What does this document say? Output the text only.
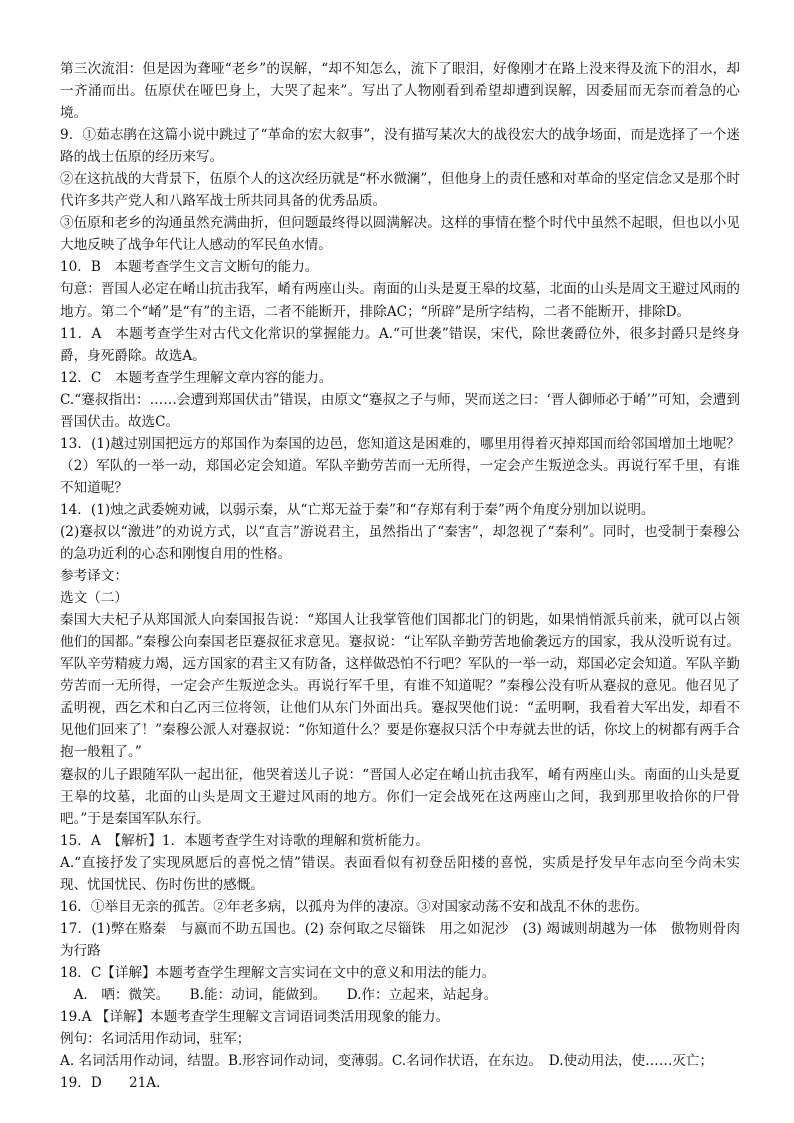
第三次流泪：但是因为聋哑“老乡”的误解，“却不知怎么，流下了眼泪，好像刚才在路上没来得及流下的泪水，却一齐涌而出。伍原伏在哑巴身上，大哭了起来”。写出了人物刚看到希望却遭到误解，因委屈而无奈而着急的心境。

9．①茹志鹃在这篇小说中跳过了“革命的宏大叙事”，没有描写某次大的战役宏大的战争场面，而是选择了一个迷路的战士伍原的经历来写。

②在这抗战的大背景下，伍原个人的这次经历就是“杯水微澜”，但他身上的责任感和对革命的坚定信念又是那个时代许多共产党人和八路军战士所共同具备的优秀品质。

③伍原和老乡的沟通虽然充满曲折，但问题最终得以圆满解决。这样的事情在整个时代中虽然不起眼，但也以小见大地反映了战争年代让人感动的军民鱼水情。

10．B　本题考查学生文言文断句的能力。

句意：晋国人必定在崤山抗击我军，崤有两座山头。南面的山头是夏王皋的坟墓，北面的山头是周文王避过风雨的地方。第二个“崤”是“有”的主语，二者不能断开，排除AC；“所辟”是所字结构，二者不能断开，排除D。

11．A　本题考查学生对古代文化常识的掌握能力。A.“可世袭”错误，宋代，除世袭爵位外，很多封爵只是终身爵，身死爵除。故选A。

12．C　本题考查学生理解文章内容的能力。

C.“蹇叔指出：……会遭到郑国伏击”错误，由原文“蹇叔之子与师，哭而送之曰：‘晋人御师必于崤’”可知，会遭到晋国伏击。故选C。

13．(1)越过别国把远方的郑国作为秦国的边邑，您知道这是困难的，哪里用得着灭掉郑国而给邻国增加土地呢？（2）军队的一举一动，郑国必定会知道。军队辛勤劳苦而一无所得，一定会产生叛逆念头。再说行军千里，有谁不知道呢？

14．(1)烛之武委婉劝诫，以弱示秦，从“亡郑无益于秦”和“存郑有利于秦”两个角度分别加以说明。

(2)蹇叔以“激进”的劝说方式，以“直言”游说君主，虽然指出了“秦害”，却忽视了“秦利”。同时，也受制于秦穆公的急功近利的心态和刚愎自用的性格。

参考译文：

选文（二）

秦国大夫杞子从郑国派人向秦国报告说：“郑国人让我掌管他们国都北门的钥匙，如果悄悄派兵前来，就可以占领他们的国都。”秦穆公向秦国老臣蹇叔征求意见。蹇叔说：“让军队辛勤劳苦地偷袭远方的国家，我从没听说有过。军队辛劳精疲力竭，远方国家的君主又有防备，这样做恐怕不行吧？军队的一举一动，郑国必定会知道。军队辛勤劳苦而一无所得，一定会产生叛逆念头。再说行军千里，有谁不知道呢？”秦穆公没有听从蹇叔的意见。他召见了孟明视，西乞术和白乙丙三位将领，让他们从东门外面出兵。蹇叔哭他们说：“孟明啊，我看着大军出发，却看不见他们回来了！”秦穆公派人对蹇叔说：“你知道什么？要是你蹇叔只活个中寿就去世的话，你坟上的树都有两手合抱一般粗了。”

蹇叔的儿子跟随军队一起出征，他哭着送儿子说：“晋国人必定在崤山抗击我军，崤有两座山头。南面的山头是夏王皋的坟墓，北面的山头是周文王避过风雨的地方。你们一定会战死在这两座山之间，我到那里收拾你的尸骨吧。”于是秦国军队东行。

15．A　【解析】1．本题考查学生对诗歌的理解和赏析能力。

A.“直接抒发了实现夙愿后的喜悦之情”错误。表面看似有初登岳阳楼的喜悦，实质是抒发早年志向至今尚未实现、忧国忧民、伤时伤世的感慨。

16．①举目无亲的孤苦。②年老多病，以孤舟为伴的凄凉。③对国家动荡不安和战乱不休的悲伤。

17．(1)弊在赂秦　与嬴而不助五国也。(2) 奈何取之尽锱铢　用之如泥沙　(3) 竭诚则胡越为一体　傲物则骨肉为行路

18．C【详解】本题考查学生理解文言实词在文中的意义和用法的能力。

　A.　哂：微笑。　　B.能：动词，能做到。　　D.作：立起来，站起身。

19.A 【详解】本题考查学生理解文言词语词类活用现象的能力。

例句：名词活用作动词，驻军；

A. 名词活用作动词，结盟。B.形容词作动词，变薄弱。C.名词作状语，在东边。　D.使动用法，使……灭亡；

19．D　　21A.
